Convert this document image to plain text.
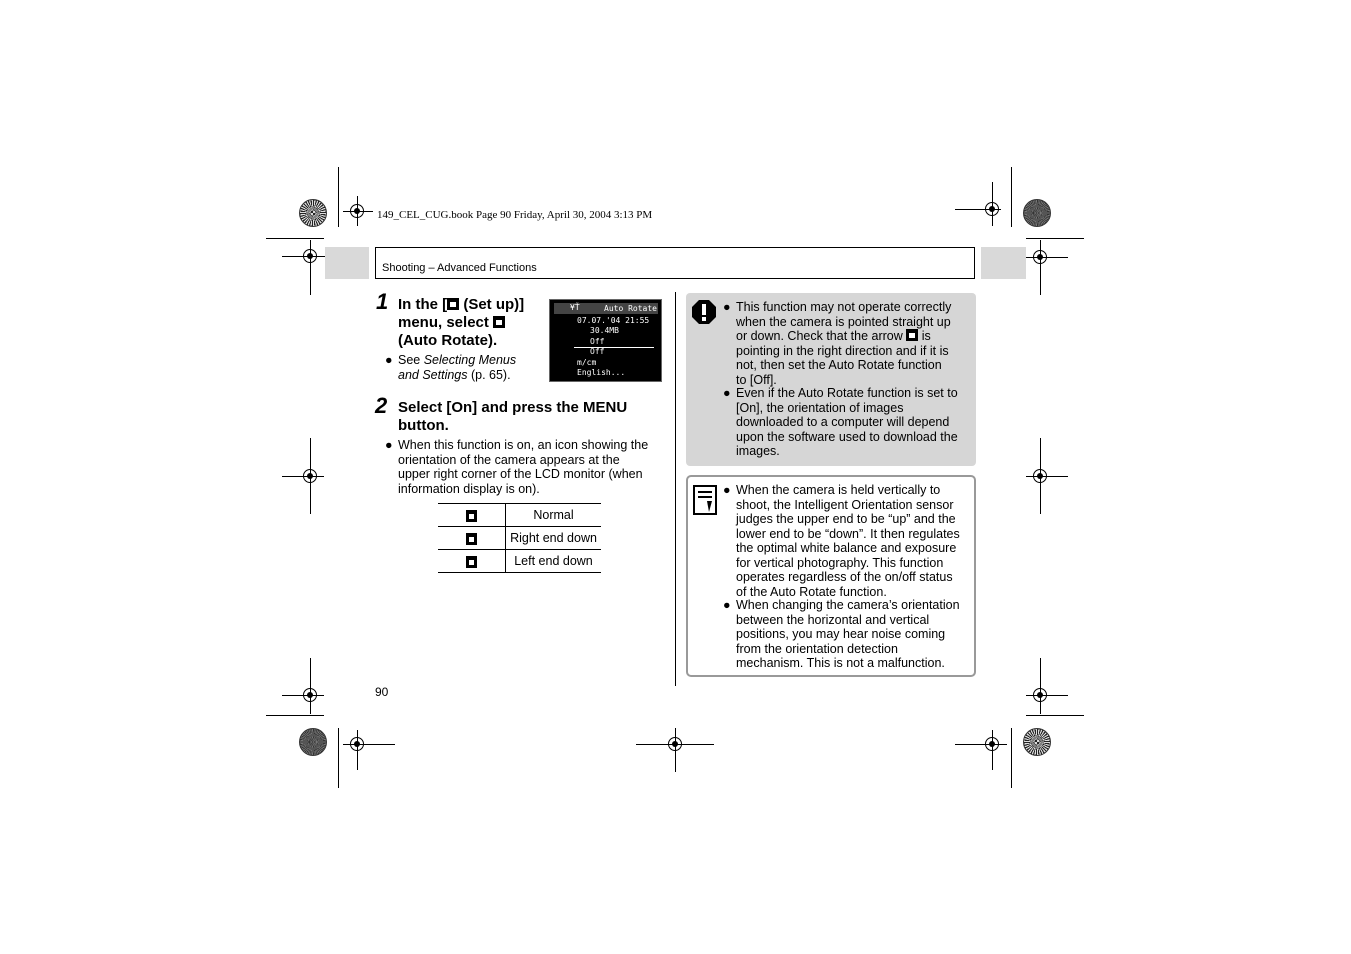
149_CEL_CUG.book Page 90 Friday, April 30, 2004 3:13 PM
Shooting – Advanced Functions
1 In the [ (Set up)]
menu, select
(Auto Rotate).
● See Selecting Menus
and Settings (p. 65).
¥Ť	Auto Rotate
07.07.'04 21:55
30.4MB
Off
Off
m/cm
English...
2 Select [On] and press the MENU
button.
● When this function is on, an icon showing the
orientation of the camera appears at the
upper right corner of the LCD monitor (when
information display is on).
	Normal
	Right end down
	Left end down
● This function may not operate correctly
when the camera is pointed straight up
or down. Check that the arrow  is
pointing in the right direction and if it is
not, then set the Auto Rotate function
to [Off].
● Even if the Auto Rotate function is set to
[On], the orientation of images
downloaded to a computer will depend
upon the software used to download the
images.
● When the camera is held vertically to
shoot, the Intelligent Orientation sensor
judges the upper end to be “up” and the
lower end to be “down”. It then regulates
the optimal white balance and exposure
for vertical photography. This function
operates regardless of the on/off status
of the Auto Rotate function.
● When changing the camera’s orientation
between the horizontal and vertical
positions, you may hear noise coming
from the orientation detection
mechanism. This is not a malfunction.
90
